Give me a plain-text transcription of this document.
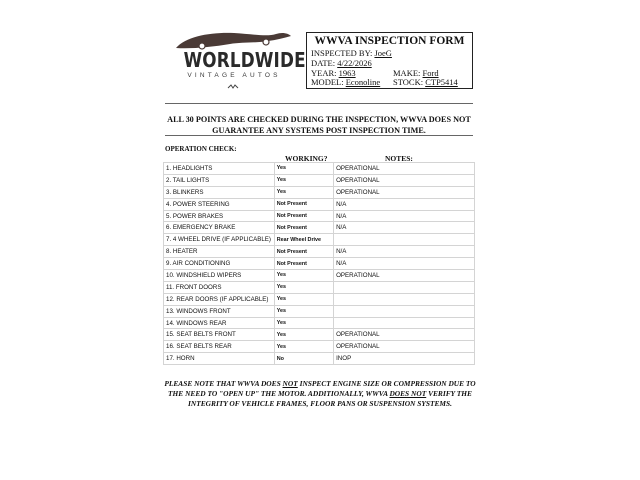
WORLDWIDE
VINTAGE AUTOS
WWVA INSPECTION FORM
INSPECTED BY: JoeG
DATE: 4/22/2026
YEAR: 1963	MAKE: Ford
MODEL: Econoline STOCK: CTP5414
ALL 30 POINTS ARE CHECKED DURING THE INSPECTION, WWVA DOES NOT
GUARANTEE ANY SYSTEMS POST INSPECTION TIME.
OPERATION CHECK:
WORKING?	NOTES:
1. HEADLIGHTS	Yes	OPERATIONAL
2. TAIL LIGHTS	Yes	OPERATIONAL
3. BLINKERS	Yes	OPERATIONAL
4. POWER STEERING	Not Present	N/A
5. POWER BRAKES	Not Present	N/A
6. EMERGENCY BRAKE	Not Present	N/A
7. 4 WHEEL DRIVE (IF APPLICABLE)	Rear Wheel Drive	
8. HEATER	Not Present	N/A
9. AIR CONDITIONING	Not Present	N/A
10. WINDSHIELD WIPERS	Yes	OPERATIONAL
11. FRONT DOORS	Yes	
12. REAR DOORS (IF APPLICABLE)	Yes	
13. WINDOWS FRONT	Yes	
14. WINDOWS REAR	Yes	
15. SEAT BELTS FRONT	Yes	OPERATIONAL
16. SEAT BELTS REAR	Yes	OPERATIONAL
17. HORN	No	INOP
PLEASE NOTE THAT WWVA DOES NOT INSPECT ENGINE SIZE OR COMPRESSION DUE TO THE NEED TO "OPEN UP" THE MOTOR. ADDITIONALLY, WWVA DOES NOT VERIFY THE INTEGRITY OF VEHICLE FRAMES, FLOOR PANS OR SUSPENSION SYSTEMS.
